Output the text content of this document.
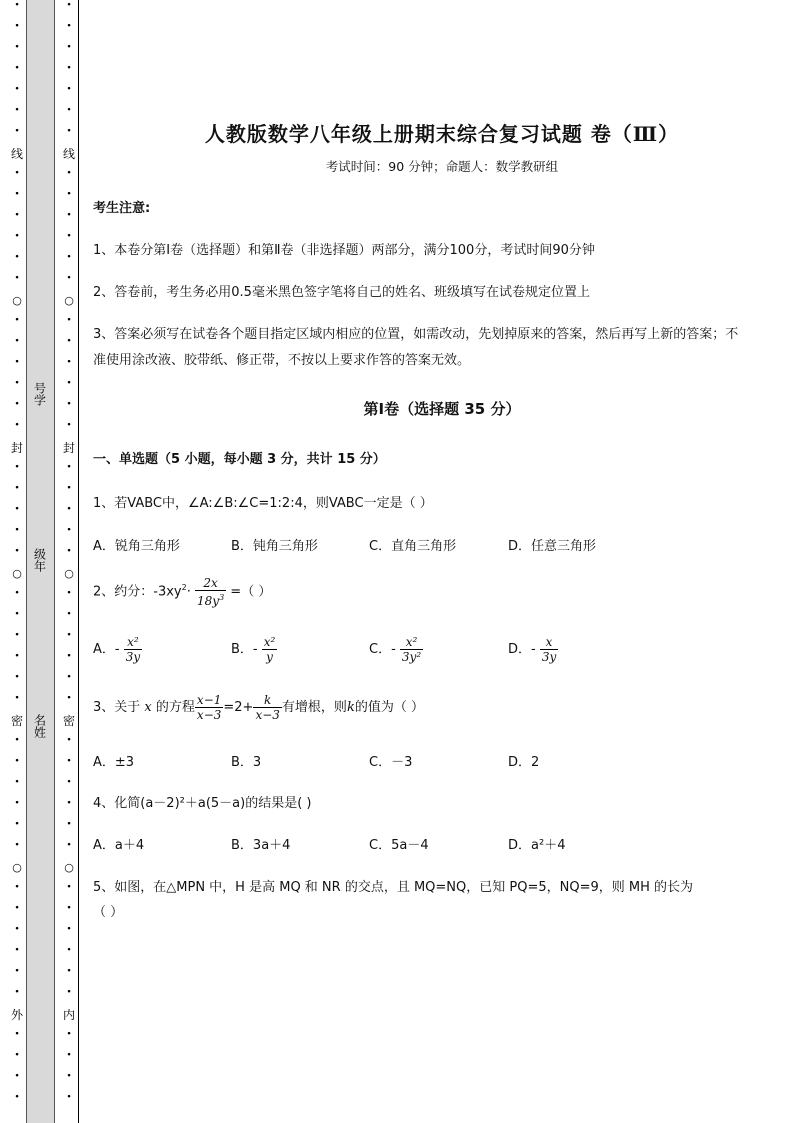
·
·
·
·
·
·
·
线
·
·
·
·
·
·
○
·
·
·
·
·
·
封
·
·
·
·
·
○
·
·
·
·
·
·
密
·
·
·
·
·
·
○
·
·
·
·
·
·
外
·
·
·
·
·
·
·
·
·
·
·
线
·
·
·
·
·
·
○
·
·
·
·
·
·
封
·
·
·
·
·
○
·
·
·
·
·
·
密
·
·
·
·
·
·
○
·
·
·
·
·
·
内
·
·
·
·
号学
级年
名姓
人教版数学八年级上册期末综合复习试题 卷（Ⅲ）
考试时间：90 分钟；命题人：数学教研组
考生注意:
1、本卷分第Ⅰ卷（选择题）和第Ⅱ卷（非选择题）两部分，满分100分，考试时间90分钟
2、答卷前，考生务必用0.5毫米黑色签字笔将自己的姓名、班级填写在试卷规定位置上
3、答案必须写在试卷各个题目指定区域内相应的位置，如需改动，先划掉原来的答案，然后再写上新的答案；不准使用涂改液、胶带纸、修正带，不按以上要求作答的答案无效。
第Ⅰ卷（选择题 35 分）
一、单选题（5 小题，每小题 3 分，共计 15 分）
1、若VABC中，∠A:∠B:∠C=1:2:4，则VABC一定是（ ）
A．锐角三角形	B．钝角三角形	C．直角三角形	D．任意三角形
2、约分：$-3xy^2\cdot \frac{2x}{18y^3}$ =（ ）
A．- $\frac{\text{x²}}{3y}$	B．- $\frac{\text{x²}}{y}$	C．- $\frac{\text{x²}}{\text{3y²}}$	D．- $\frac{x}{3y}$
3、关于 x 的方程 $\frac{x-1}{x-3} =2+ \frac{k}{x-3}$ 有增根，则k的值为（ ）
A．±3	B．3	C．－3	D．2
4、化简(a－2)²＋a(5－a)的结果是( )
A．a＋4	B．3a＋4	C．5a－4	D．a²＋4
5、如图，在△MPN 中，H 是高 MQ 和 NR 的交点，且 MQ=NQ，已知 PQ=5，NQ=9，则 MH 的长为
（ ）
